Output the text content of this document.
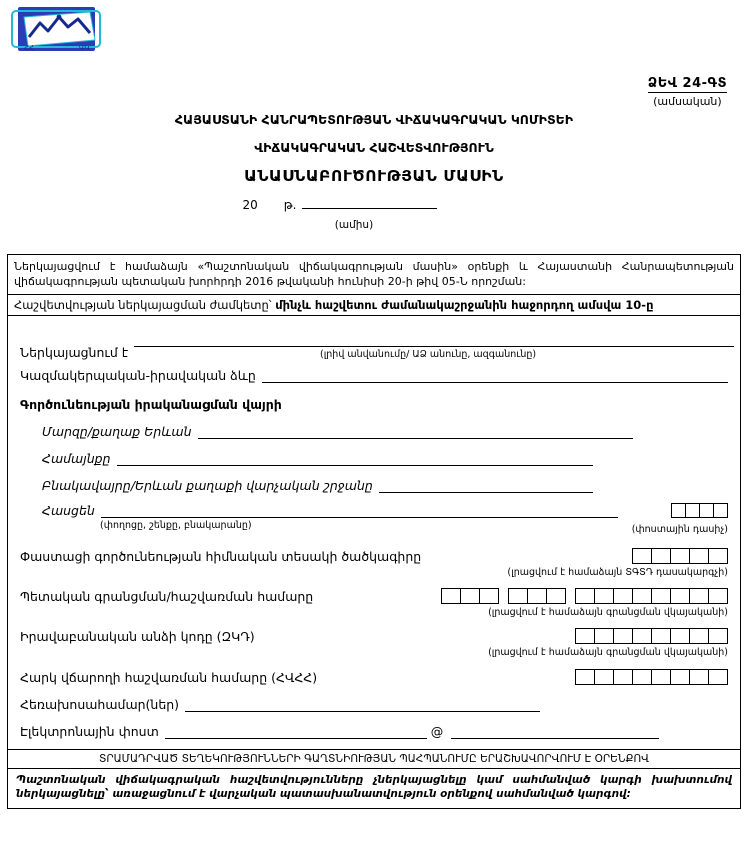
ՀՀ	ՎԿ
ՁԵՎ 24-ԳՏ
(ամսական)
ՀԱՅԱՍՏԱՆԻ ՀԱՆՐԱՊԵՏՈՒԹՅԱՆ ՎԻՃԱԿԱԳՐԱԿԱՆ ԿՈՄԻՏԵԻ
ՎԻՃԱԿԱԳՐԱԿԱՆ ՀԱՇՎԵՏՎՈՒԹՅՈՒՆ
ԱՆԱՍՆԱԲՈՒԾՈՒԹՅԱՆ ՄԱՍԻՆ
20 թ.
(ամիս)
Ներկայացվում է համաձայն «Պաշտոնական վիճակագրության մասին» օրենքի և Հայաստանի Հանրապետության վիճակագրության պետական խորհրդի 2016 թվականի հունիսի 20-ի թիվ 05-Ն որոշման:
Հաշվետվության ներկայացման ժամկետը՝ մինչև հաշվետու ժամանակաշրջանին հաջորդող ամսվա 10-ը
Ներկայացնում է	(լրիվ անվանումը/ ԱՁ անունը, ազգանունը)
Կազմակերպական-իրավական ձևը
Գործունեության իրականացման վայրի
Մարզը/քաղաք Երևան
Համայնքը
Բնակավայրը/Երևան քաղաքի վարչական շրջանը
Հասցեն
(փողոցը, շենքը, բնակարանը)	(փոստային դասիչ)
Փաստացի գործունեության հիմնական տեսակի ծածկագիրը
(լրացվում է համաձայն ՏԳՏԴ դասակարգչի)
Պետական գրանցման/հաշվառման համարը
(լրացվում է համաձայն գրանցման վկայականի)
Իրավաբանական անձի կոդը (ԶԿԴ)
(լրացվում է համաձայն գրանցման վկայականի)
Հարկ վճարողի հաշվառման համարը (ՀՎՀՀ)
Հեռախոսահամար(ներ)
Էլեկտրոնային փոստ	@
ՏՐԱՄԱԴՐՎԱԾ ՏԵՂԵԿՈՒԹՅՈՒՆՆԵՐԻ ԳԱՂՏՆԻՈՒԹՅԱՆ ՊԱՀՊԱՆՈՒՄԸ ԵՐԱՇԽԱՎՈՐՎՈՒՄ Է ՕՐԵՆՔՈՎ
Պաշտոնական վիճակագրական հաշվետվությունները չներկայացնելը կամ սահմանված կարգի խախտումով ներկայացնելը՝ առաջացնում է վարչական պատասխանատվություն օրենքով սահմանված կարգով:
